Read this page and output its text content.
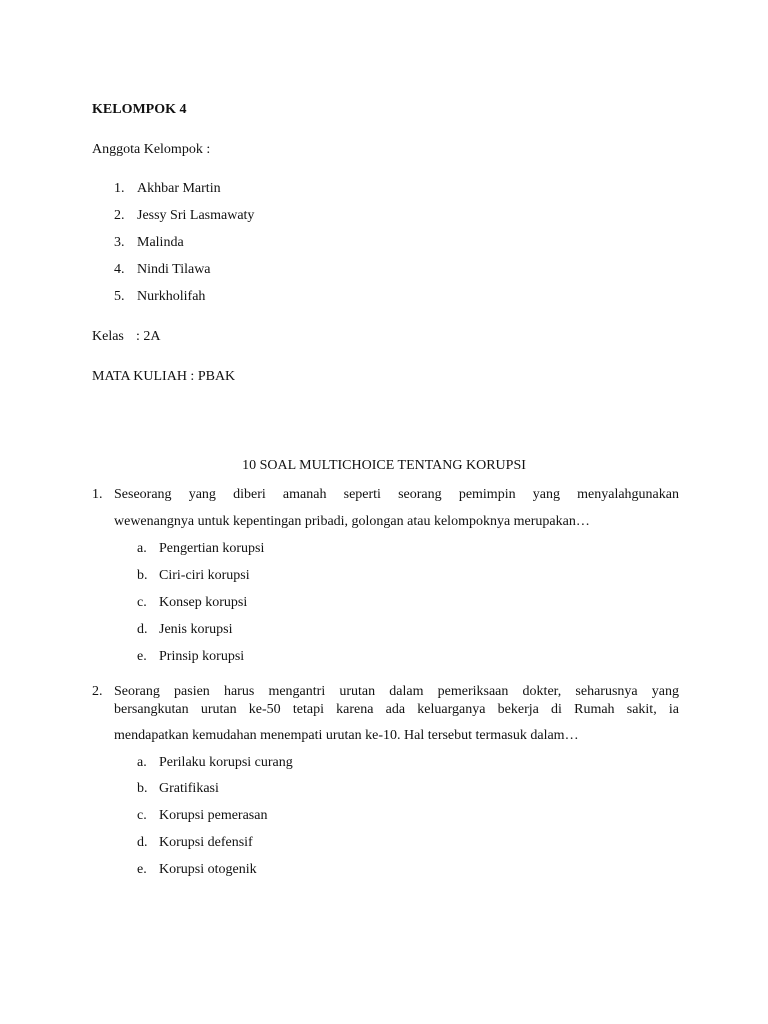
KELOMPOK 4
Anggota Kelompok :
1. Akhbar Martin
2. Jessy Sri Lasmawaty
3. Malinda
4. Nindi Tilawa
5. Nurkholifah
Kelas : 2A
MATA KULIAH : PBAK
10 SOAL MULTICHOICE TENTANG KORUPSI
1. Seseorang yang diberi amanah seperti seorang pemimpin yang menyalahgunakan
wewenangnya untuk kepentingan pribadi, golongan atau kelompoknya merupakan…
a. Pengertian korupsi
b. Ciri-ciri korupsi
c. Konsep korupsi
d. Jenis korupsi
e. Prinsip korupsi
2. Seorang pasien harus mengantri urutan dalam pemeriksaan dokter, seharusnya yang
bersangkutan urutan ke-50 tetapi karena ada keluarganya bekerja di Rumah sakit, ia
mendapatkan kemudahan menempati urutan ke-10. Hal tersebut termasuk dalam…
a. Perilaku korupsi curang
b. Gratifikasi
c. Korupsi pemerasan
d. Korupsi defensif
e. Korupsi otogenik
